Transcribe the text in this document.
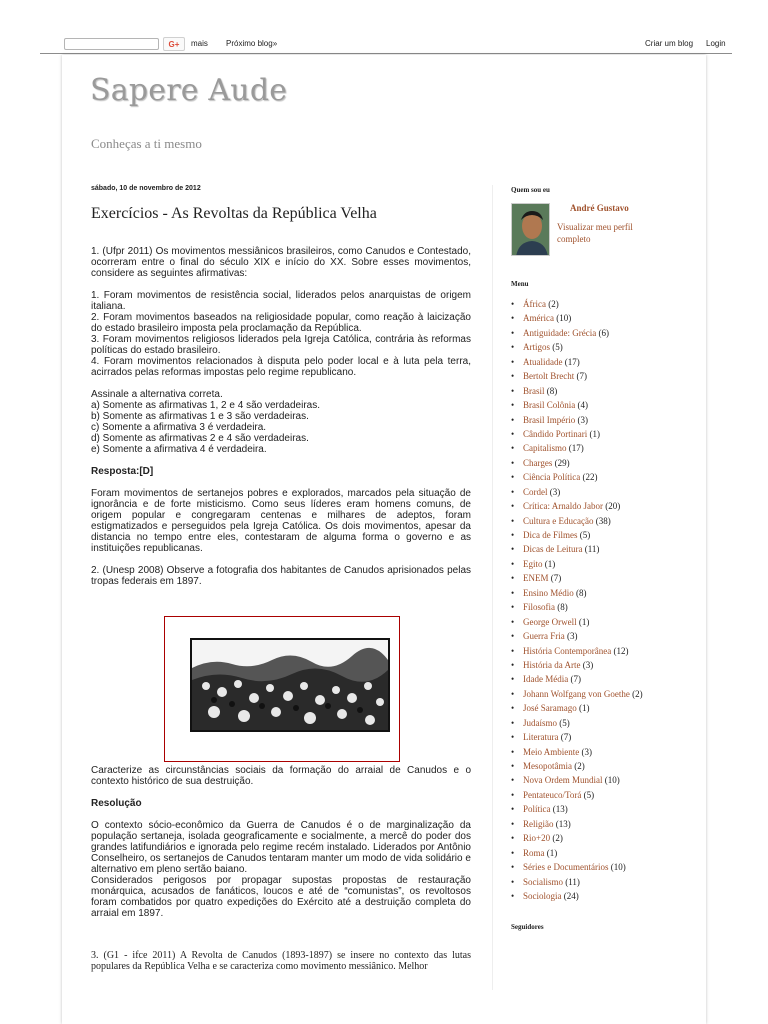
G+	mais Próximo blog»	Criar um blog Login
Sapere Aude
Conheças a ti mesmo
sábado, 10 de novembro de 2012
Exercícios - As Revoltas da República Velha

1. (Ufpr 2011) Os movimentos messiânicos brasileiros, como Canudos e Contestado, ocorreram entre o final do século XIX e início do XX. Sobre esses movimentos, considere as seguintes afirmativas:

1. Foram movimentos de resistência social, liderados pelos anarquistas de origem italiana.

2. Foram movimentos baseados na religiosidade popular, como reação à laicização do estado brasileiro imposta pela proclamação da República.

3. Foram movimentos religiosos liderados pela Igreja Católica, contrária às reformas políticas do estado brasileiro.

4. Foram movimentos relacionados à disputa pelo poder local e à luta pela terra, acirrados pelas reformas impostas pelo regime republicano.

Assinale a alternativa correta.

a) Somente as afirmativas 1, 2 e 4 são verdadeiras.

b) Somente as afirmativas 1 e 3 são verdadeiras.

c) Somente a afirmativa 3 é verdadeira.

d) Somente as afirmativas 2 e 4 são verdadeiras.

e) Somente a afirmativa 4 é verdadeira.

Resposta:[D]

Foram movimentos de sertanejos pobres e explorados, marcados pela situação de ignorância e de forte misticismo. Como seus líderes eram homens comuns, de origem popular e congregaram centenas e milhares de adeptos, foram estigmatizados e perseguidos pela Igreja Católica. Os dois movimentos, apesar da distancia no tempo entre eles, contestaram de alguma forma o governo e as instituições republicanas.

2. (Unesp 2008) Observe a fotografia dos habitantes de Canudos aprisionados pelas tropas federais em 1897.

Caracterize as circunstâncias sociais da formação do arraial de Canudos e o contexto histórico de sua destruição.

Resolução

O contexto sócio-econômico da Guerra de Canudos é o de marginalização da população sertaneja, isolada geograficamente e socialmente, a mercê do poder dos grandes latifundiários e ignorada pelo regime recém instalado. Liderados por Antônio Conselheiro, os sertanejos de Canudos tentaram manter um modo de vida solidário e alternativo em pleno sertão baiano.

Considerados perigosos por propagar supostas propostas de restauração monárquica, acusados de fanáticos, loucos e até de “comunistas”, os revoltosos foram combatidos por quatro expedições do Exército até a destruição completa do arraial em 1897.

3. (G1 - ifce 2011) A Revolta de Canudos (1893-1897) se insere no contexto das lutas populares da República Velha e se caracteriza como movimento messiânico. Melhor
Quem sou eu
André Gustavo
Visualizar meu perfil completo
Menu
• África (2)
• América (10)
• Antiguidade: Grécia (6)
• Artigos (5)
• Atualidade (17)
• Bertolt Brecht (7)
• Brasil (8)
• Brasil Colônia (4)
• Brasil Império (3)
• Cândido Portinari (1)
• Capitalismo (17)
• Charges (29)
• Ciência Política (22)
• Cordel (3)
• Crítica: Arnaldo Jabor (20)
• Cultura e Educação (38)
• Dica de Filmes (5)
• Dicas de Leitura (11)
• Egito (1)
• ENEM (7)
• Ensino Médio (8)
• Filosofia (8)
• George Orwell (1)
• Guerra Fria (3)
• História Contemporânea (12)
• História da Arte (3)
• Idade Média (7)
• Johann Wolfgang von Goethe (2)
• José Saramago (1)
• Judaísmo (5)
• Literatura (7)
• Meio Ambiente (3)
• Mesopotâmia (2)
• Nova Ordem Mundial (10)
• Pentateuco/Torá (5)
• Política (13)
• Religião (13)
• Rio+20 (2)
• Roma (1)
• Séries e Documentários (10)
• Socialismo (11)
• Sociologia (24)
Seguidores
